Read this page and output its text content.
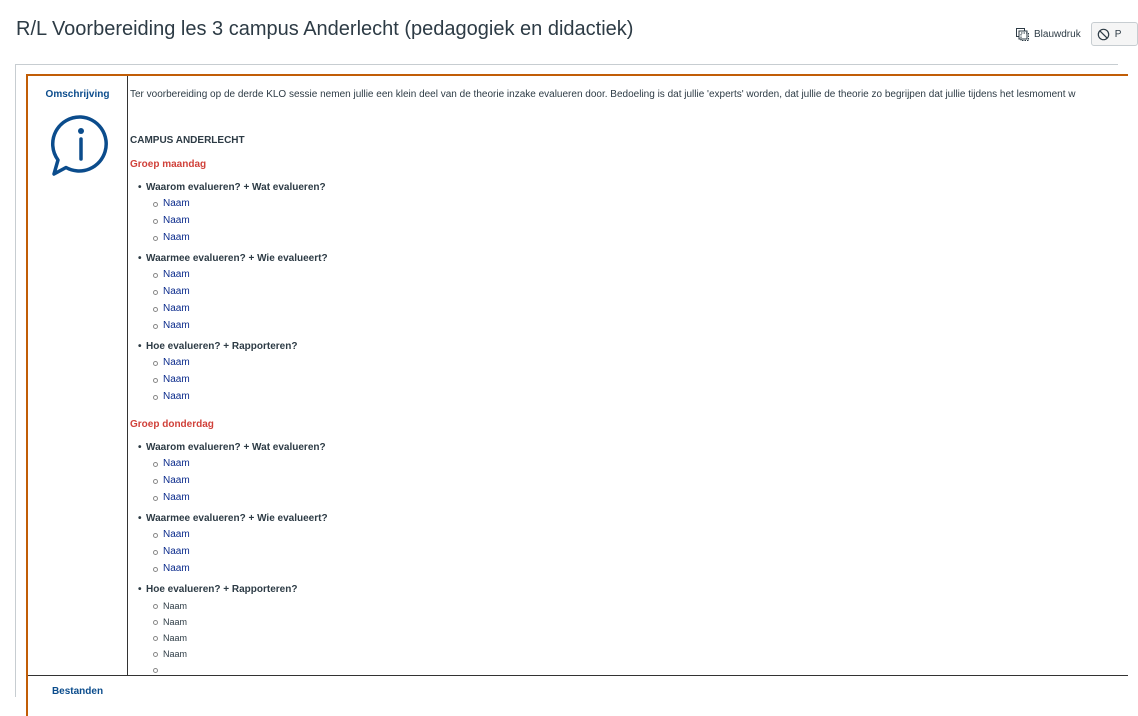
R/L Voorbereiding les 3 campus Anderlecht (pedagogiek en didactiek)	Blauwdruk	P
Omschrijving	Ter voorbereiding op de derde KLO sessie nemen jullie een klein deel van de theorie inzake evalueren door. Bedoeling is dat jullie 'experts' worden, dat jullie de theorie zo begrijpen dat jullie tijdens het lesmoment w

CAMPUS ANDERLECHT

Groep maandag

• Waarom evalueren? + Wat evalueren?
Naam
Naam
Naam
• Waarmee evalueren? + Wie evalueert?
Naam
Naam
Naam
Naam
• Hoe evalueren? + Rapporteren?
Naam
Naam
Naam

Groep donderdag

• Waarom evalueren? + Wat evalueren?
Naam
Naam
Naam
• Waarmee evalueren? + Wie evalueert?
Naam
Naam
Naam
• Hoe evalueren? + Rapporteren?
Naam
Naam
Naam
Naam
Bestanden
